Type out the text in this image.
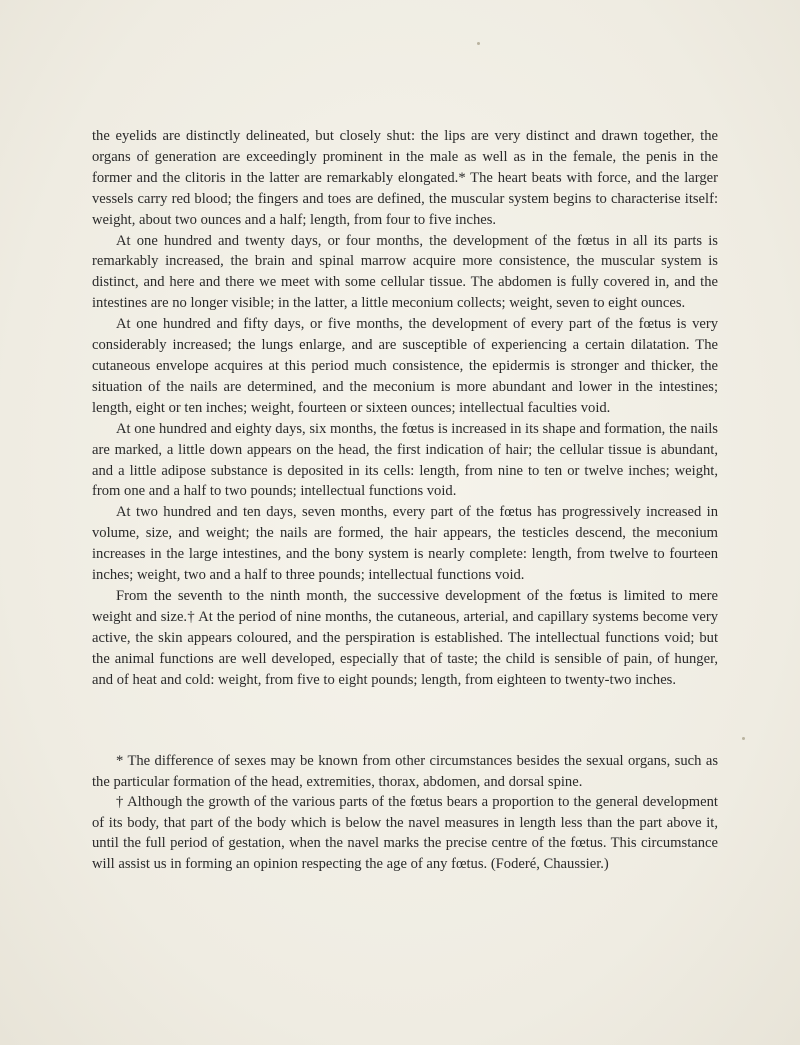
the eyelids are distinctly delineated, but closely shut: the lips are very distinct and drawn together, the organs of generation are exceedingly prominent in the male as well as in the female, the penis in the former and the clitoris in the latter are remarkably elongated.* The heart beats with force, and the larger vessels carry red blood; the fingers and toes are defined, the muscular system begins to characterise itself: weight, about two ounces and a half; length, from four to five inches.

At one hundred and twenty days, or four months, the development of the fœtus in all its parts is remarkably increased, the brain and spinal marrow acquire more consistence, the muscular system is distinct, and here and there we meet with some cellular tissue. The abdomen is fully covered in, and the intestines are no longer visible; in the latter, a little meconium collects; weight, seven to eight ounces.

At one hundred and fifty days, or five months, the development of every part of the fœtus is very considerably increased; the lungs enlarge, and are susceptible of experiencing a certain dilatation. The cutaneous envelope acquires at this period much consistence, the epidermis is stronger and thicker, the situation of the nails are determined, and the meconium is more abundant and lower in the intestines; length, eight or ten inches; weight, fourteen or sixteen ounces; intellectual faculties void.

At one hundred and eighty days, six months, the fœtus is increased in its shape and formation, the nails are marked, a little down appears on the head, the first indication of hair; the cellular tissue is abundant, and a little adipose substance is deposited in its cells: length, from nine to ten or twelve inches; weight, from one and a half to two pounds; intellectual functions void.

At two hundred and ten days, seven months, every part of the fœtus has progressively increased in volume, size, and weight; the nails are formed, the hair appears, the testicles descend, the meconium increases in the large intestines, and the bony system is nearly complete: length, from twelve to fourteen inches; weight, two and a half to three pounds; intellectual functions void.

From the seventh to the ninth month, the successive development of the fœtus is limited to mere weight and size.† At the period of nine months, the cutaneous, arterial, and capillary systems become very active, the skin appears coloured, and the perspiration is established. The intellectual functions void; but the animal functions are well developed, especially that of taste; the child is sensible of pain, of hunger, and of heat and cold: weight, from five to eight pounds; length, from eighteen to twenty-two inches.

* The difference of sexes may be known from other circumstances besides the sexual organs, such as the particular formation of the head, extremities, thorax, abdomen, and dorsal spine.

† Although the growth of the various parts of the fœtus bears a proportion to the general development of its body, that part of the body which is below the navel measures in length less than the part above it, until the full period of gestation, when the navel marks the precise centre of the fœtus. This circumstance will assist us in forming an opinion respecting the age of any fœtus. (Foderé, Chaussier.)
